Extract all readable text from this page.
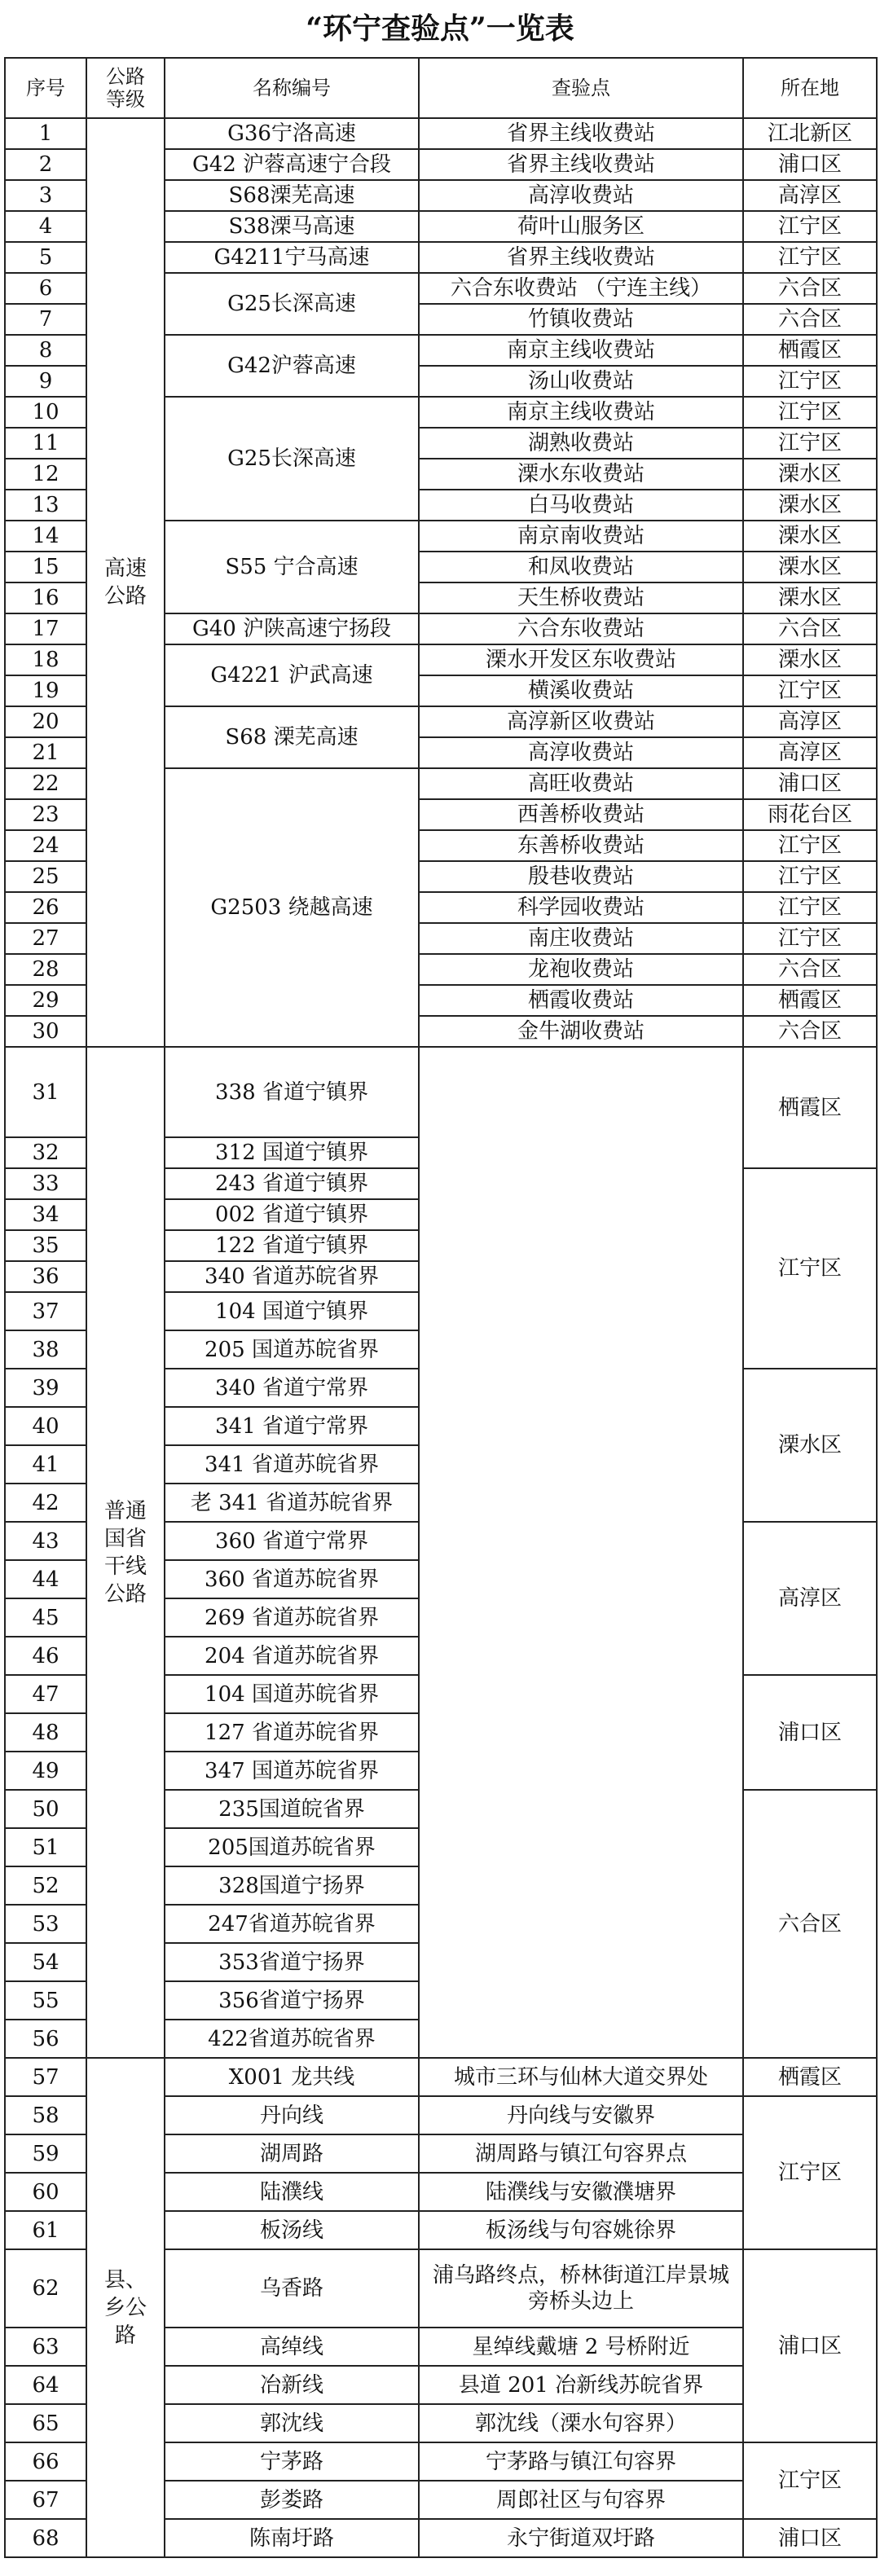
“环宁查验点”一览表
序号	公路等级	名称编号	查验点	所在地
1	高速公路	G36宁洛高速	省界主线收费站	江北新区
2		G42 沪蓉高速宁合段	省界主线收费站	浦口区
3		S68溧芜高速	高淳收费站	高淳区
4		S38溧马高速	荷叶山服务区	江宁区
5		G4211宁马高速	省界主线收费站	江宁区
6		G25长深高速	六合东收费站 （宁连主线）	六合区
7			竹镇收费站	六合区
8		G42沪蓉高速	南京主线收费站	栖霞区
9			汤山收费站	江宁区
10		G25长深高速	南京主线收费站	江宁区
11			湖熟收费站	江宁区
12			溧水东收费站	溧水区
13			白马收费站	溧水区
14		S55 宁合高速	南京南收费站	溧水区
15			和凤收费站	溧水区
16			天生桥收费站	溧水区
17		G40 沪陕高速宁扬段	六合东收费站	六合区
18		G4221 沪武高速	溧水开发区东收费站	溧水区
19			横溪收费站	江宁区
20		S68 溧芜高速	高淳新区收费站	高淳区
21			高淳收费站	高淳区
22		G2503 绕越高速	高旺收费站	浦口区
23			西善桥收费站	雨花台区
24			东善桥收费站	江宁区
25			殷巷收费站	江宁区
26			科学园收费站	江宁区
27			南庄收费站	江宁区
28			龙袍收费站	六合区
29			栖霞收费站	栖霞区
30			金牛湖收费站	六合区
31	普通国省干线公路	338 省道宁镇界		栖霞区
32		312 国道宁镇界		
33		243 省道宁镇界		江宁区
34		002 省道宁镇界		
35		122 省道宁镇界		
36		340 省道苏皖省界		
37		104 国道宁镇界		
38		205 国道苏皖省界		
39		340 省道宁常界		溧水区
40		341 省道宁常界		
41		341 省道苏皖省界		
42		老 341 省道苏皖省界		
43		360 省道宁常界		高淳区
44		360 省道苏皖省界		
45		269 省道苏皖省界		
46		204 省道苏皖省界		
47		104 国道苏皖省界		浦口区
48		127 省道苏皖省界		
49		347 国道苏皖省界		
50		235国道皖省界		六合区
51		205国道苏皖省界		
52		328国道宁扬界		
53		247省道苏皖省界		
54		353省道宁扬界		
55		356省道宁扬界		
56		422省道苏皖省界		
57	县、乡公路	X001 龙共线	城市三环与仙林大道交界处	栖霞区
58		丹向线	丹向线与安徽界	江宁区
59		湖周路	湖周路与镇江句容界点	
60		陆濮线	陆濮线与安徽濮塘界	
61		板汤线	板汤线与句容姚徐界	
62		乌香路	浦乌路终点，桥林街道江岸景城旁桥头边上	浦口区
63		高绰线	星绰线戴塘 2 号桥附近	
64		冶新线	县道 201 冶新线苏皖省界	
65		郭沈线	郭沈线（溧水句容界）	
66		宁茅路	宁茅路与镇江句容界	江宁区
67		彭娄路	周郎社区与句容界	
68		陈南圩路	永宁街道双圩路	浦口区
